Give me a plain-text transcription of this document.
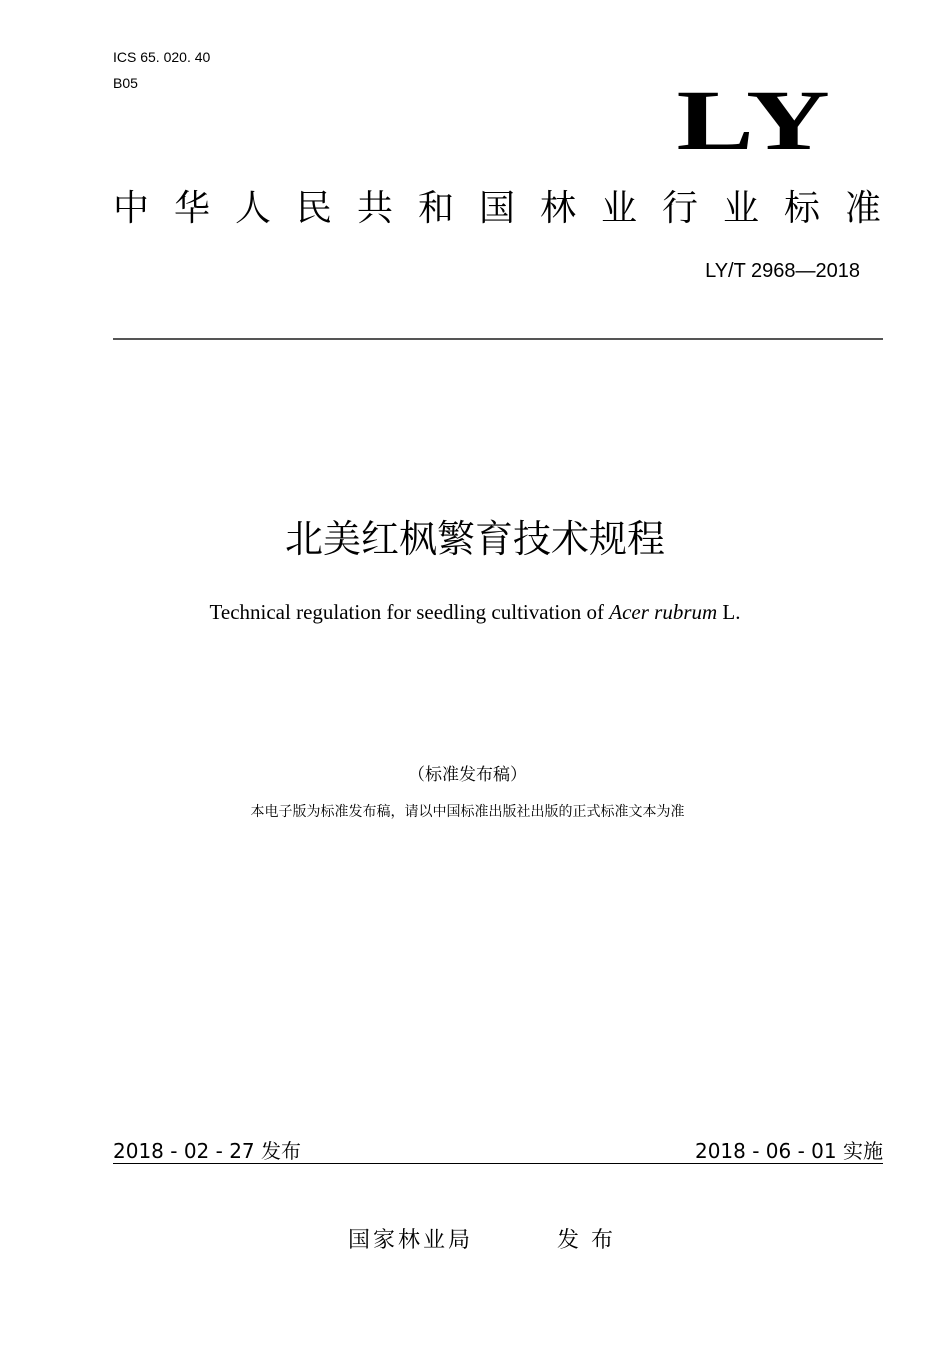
ICS 65. 020. 40
B05	LY
中华人民共和国林业行业标准
LY/T 2968—2018
北美红枫繁育技术规程
Technical regulation for seedling cultivation of Acer rubrum L.
（标准发布稿）
本电子版为标准发布稿，请以中国标准出版社出版的正式标准文本为准
2018 - 02 - 27 发布	2018 - 06 - 01 实施
国家林业局	发布
